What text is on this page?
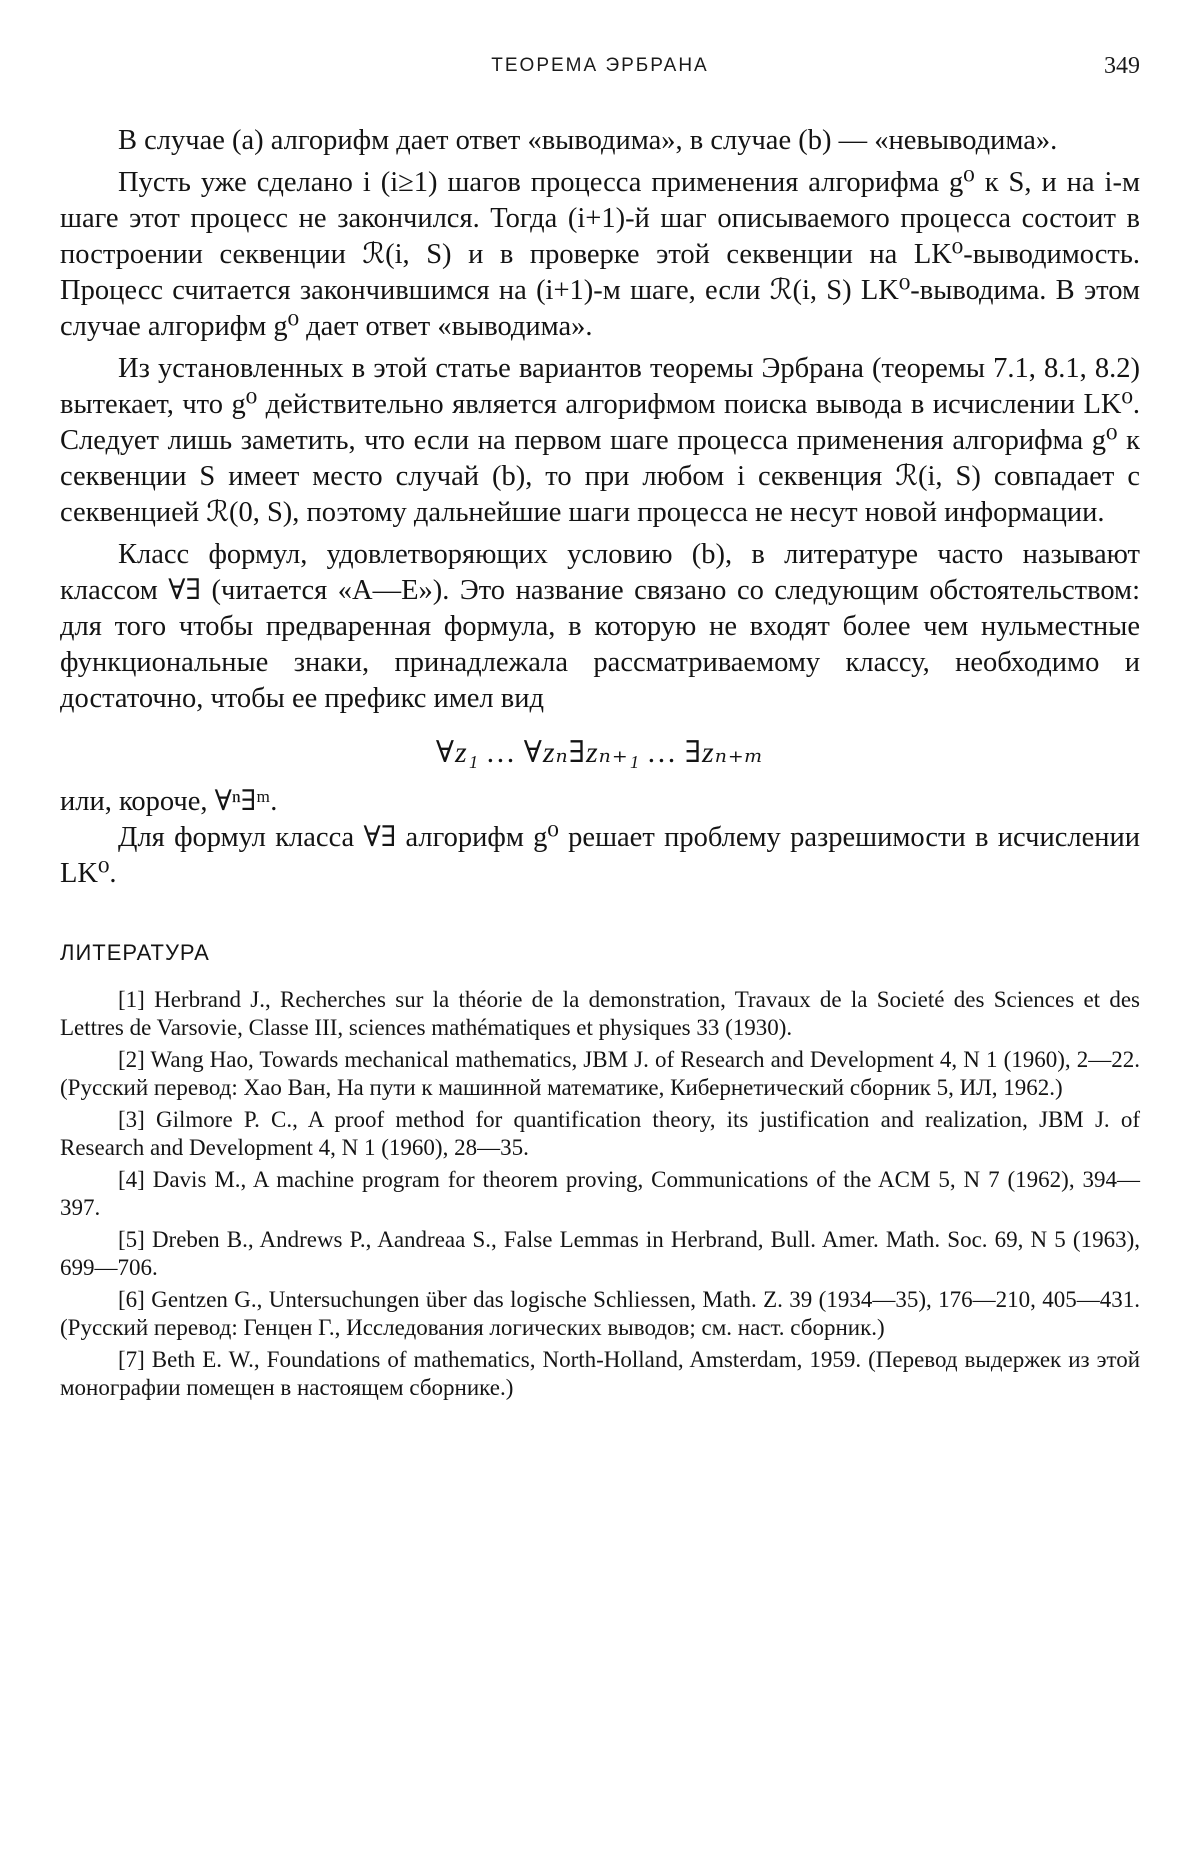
ТЕОРЕМА ЭРБРАНА	349

В случае (а) алгорифм дает ответ «выводима», в случае (b) — «невыводима».

Пусть уже сделано i (i≥1) шагов процесса применения алгорифма g⁰ к S, и на i-м шаге этот процесс не закончился. Тогда (i+1)-й шаг описываемого процесса состоит в построении секвенции ℛ(i, S) и в проверке этой секвенции на LK⁰-выводимость. Процесс считается закончившимся на (i+1)-м шаге, если ℛ(i, S) LK⁰-выводима. В этом случае алгорифм g⁰ дает ответ «выводима».

Из установленных в этой статье вариантов теоремы Эрбрана (теоремы 7.1, 8.1, 8.2) вытекает, что g⁰ действительно является алгорифмом поиска вывода в исчислении LK⁰. Следует лишь заметить, что если на первом шаге процесса применения алгорифма g⁰ к секвенции S имеет место случай (b), то при любом i секвенция ℛ(i, S) совпадает с секвенцией ℛ(0, S), поэтому дальнейшие шаги процесса не несут новой информации.

Класс формул, удовлетворяющих условию (b), в литературе часто называют классом ∀∃ (читается «А—Е»). Это название связано со следующим обстоятельством: для того чтобы предваренная формула, в которую не входят более чем нульместные функциональные знаки, принадлежала рассматриваемому классу, необходимо и достаточно, чтобы ее префикс имел вид

∀z₁ … ∀zₙ∃zₙ₊₁ … ∃zₙ₊ₘ

или, короче, ∀ⁿ∃ᵐ.

Для формул класса ∀∃ алгорифм g⁰ решает проблему разрешимости в исчислении LK⁰.

ЛИТЕРАТУРА

[1] Herbrand J., Recherches sur la théorie de la demonstration, Travaux de la Societé des Sciences et des Lettres de Varsovie, Classe III, sciences mathématiques et physiques 33 (1930).

[2] Wang Hao, Towards mechanical mathematics, JBM J. of Research and Development 4, N 1 (1960), 2—22. (Русский перевод: Хао Ван, На пути к машинной математике, Кибернетический сборник 5, ИЛ, 1962.)

[3] Gilmore P. C., A proof method for quantification theory, its justification and realization, JBM J. of Research and Development 4, N 1 (1960), 28—35.

[4] Davis M., A machine program for theorem proving, Communications of the ACM 5, N 7 (1962), 394—397.

[5] Dreben B., Andrews P., Aandreaa S., False Lemmas in Herbrand, Bull. Amer. Math. Soc. 69, N 5 (1963), 699—706.

[6] Gentzen G., Untersuchungen über das logische Schliessen, Math. Z. 39 (1934—35), 176—210, 405—431. (Русский перевод: Генцен Г., Исследования логических выводов; см. наст. сборник.)

[7] Beth E. W., Foundations of mathematics, North-Holland, Amsterdam, 1959. (Перевод выдержек из этой монографии помещен в настоящем сборнике.)
